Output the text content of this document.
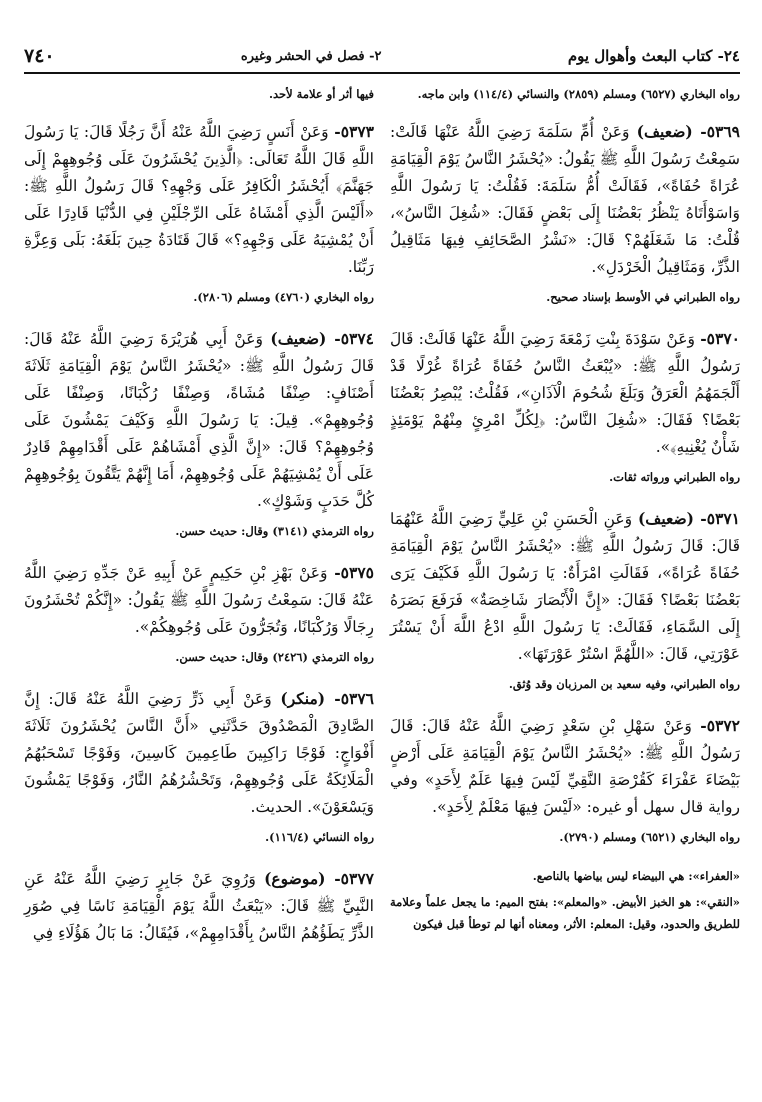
٢٤- كتاب البعث وأهوال يوم
٢- فصل في الحشر وغيره
٧٤٠

رواه البخاري (٦٥٢٧) ومسلم (٢٨٥٩) والنسائي (١١٤/٤) وابن ماجه.

٥٣٦٩- (ضعيف) وَعَنْ أُمِّ سَلَمَةَ رَضِيَ اللَّهُ عَنْهَا قَالَتْ: سَمِعْتُ رَسُولَ اللَّهِ ﷺ يَقُولُ: «يُحْشَرُ النَّاسُ يَوْمَ الْقِيَامَةِ عُرَاةً حُفَاةً»، فَقَالَتْ أُمُّ سَلَمَةَ: فَقُلْتُ: يَا رَسُولَ اللَّهِ وَاسَوْأَتَاهُ يَنْظُرُ بَعْضُنَا إِلَى بَعْضٍ فَقَالَ: «شُغِلَ النَّاسُ»، قُلْتُ: مَا شَغَلَهُمْ؟ قَالَ: «نَشْرُ الصَّحَائِفِ فِيهَا مَثَاقِيلُ الذَّرِّ، وَمَثَاقِيلُ الْخَرْدَلِ».

رواه الطبراني في الأوسط بإسناد صحيح.

٥٣٧٠- وَعَنْ سَوْدَةَ بِنْتِ زَمْعَةَ رَضِيَ اللَّهُ عَنْهَا قَالَتْ: قَالَ رَسُولُ اللَّهِ ﷺ: «يُبْعَثُ النَّاسُ حُفَاةً عُرَاةً غُرْلًا قَدْ أَلْجَمَهُمُ الْعَرَقُ وَبَلَغَ شُحُومَ الْآذَانِ»، فَقُلْتُ: يُبْصِرُ بَعْضُنَا بَعْضًا؟ فَقَالَ: «شُغِلَ النَّاسُ: ﴿لِكُلِّ امْرِئٍ مِنْهُمْ يَوْمَئِذٍ شَأْنٌ يُغْنِيهِ﴾».

رواه الطبراني ورواته ثقات.

٥٣٧١- (ضعيف) وَعَنِ الْحَسَنِ بْنِ عَلِيٍّ رَضِيَ اللَّهُ عَنْهُمَا قَالَ: قَالَ رَسُولُ اللَّهِ ﷺ: «يُحْشَرُ النَّاسُ يَوْمَ الْقِيَامَةِ حُفَاةً عُرَاةً»، فَقَالَتِ امْرَأَةٌ: يَا رَسُولَ اللَّهِ فَكَيْفَ يَرَى بَعْضُنَا بَعْضًا؟ فَقَالَ: «إِنَّ الْأَبْصَارَ شَاخِصَةٌ» فَرَفَعَ بَصَرَهُ إِلَى السَّمَاءِ، فَقَالَتْ: يَا رَسُولَ اللَّهِ ادْعُ اللَّهَ أَنْ يَسْتُرَ عَوْرَتِي، قَالَ: «اللَّهُمَّ اسْتُرْ عَوْرَتَهَا».

رواه الطبراني، وفيه سعيد بن المرزبان وقد وُثق.

٥٣٧٢- وَعَنْ سَهْلِ بْنِ سَعْدٍ رَضِيَ اللَّهُ عَنْهُ قَالَ: قَالَ رَسُولُ اللَّهِ ﷺ: «يُحْشَرُ النَّاسُ يَوْمَ الْقِيَامَةِ عَلَى أَرْضٍ بَيْضَاءَ عَفْرَاءَ كَقُرْصَةِ النَّقِيِّ لَيْسَ فِيهَا عَلَمٌ لِأَحَدٍ» وفي رواية قال سهل أو غيره: «لَيْسَ فِيهَا مَعْلَمٌ لِأَحَدٍ».

رواه البخاري (٦٥٢١) ومسلم (٢٧٩٠).

«العفراء»: هي البيضاء ليس بياضها بالناصع.

«النقي»: هو الخبز الأبيض. «والمعلم»: بفتح الميم: ما يجعل علماً وعلامة للطريق والحدود، وقيل: المعلم: الأثر، ومعناه أنها لم توطأ قبل فيكون

فيها أثر أو علامة لأحد.

٥٣٧٣- وَعَنْ أَنَسٍ رَضِيَ اللَّهُ عَنْهُ أَنَّ رَجُلًا قَالَ: يَا رَسُولَ اللَّهِ قَالَ اللَّهُ تَعَالَى: ﴿الَّذِينَ يُحْشَرُونَ عَلَى وُجُوهِهِمْ إِلَى جَهَنَّمَ﴾ أَيُحْشَرُ الْكَافِرُ عَلَى وَجْهِهِ؟ قَالَ رَسُولُ اللَّهِ ﷺ: «أَلَيْسَ الَّذِي أَمْشَاهُ عَلَى الرِّجْلَيْنِ فِي الدُّنْيَا قَادِرًا عَلَى أَنْ يُمْشِيَهُ عَلَى وَجْهِهِ؟» قَالَ قَتَادَةُ حِينَ بَلَغَهُ: بَلَى وَعِزَّةِ رَبِّنَا.

رواه البخاري (٤٧٦٠) ومسلم (٢٨٠٦).

٥٣٧٤- (ضعيف) وَعَنْ أَبِي هُرَيْرَةَ رَضِيَ اللَّهُ عَنْهُ قَالَ: قَالَ رَسُولُ اللَّهِ ﷺ: «يُحْشَرُ النَّاسُ يَوْمَ الْقِيَامَةِ ثَلَاثَةَ أَصْنَافٍ: صِنْفًا مُشَاةً، وَصِنْفًا رُكْبَانًا، وَصِنْفًا عَلَى وُجُوهِهِمْ». قِيلَ: يَا رَسُولَ اللَّهِ وَكَيْفَ يَمْشُونَ عَلَى وُجُوهِهِمْ؟ قَالَ: «إِنَّ الَّذِي أَمْشَاهُمْ عَلَى أَقْدَامِهِمْ قَادِرٌ عَلَى أَنْ يُمْشِيَهُمْ عَلَى وُجُوهِهِمْ، أَمَا إِنَّهُمْ يَتَّقُونَ بِوُجُوهِهِمْ كُلَّ حَدَبٍ وَشَوْكٍ».

رواه الترمذي (٣١٤١) وقال: حديث حسن.

٥٣٧٥- وَعَنْ بَهْزِ بْنِ حَكِيمٍ عَنْ أَبِيهِ عَنْ جَدِّهِ رَضِيَ اللَّهُ عَنْهُ قَالَ: سَمِعْتُ رَسُولَ اللَّهِ ﷺ يَقُولُ: «إِنَّكُمْ تُحْشَرُونَ رِجَالًا وَرُكْبَانًا، وَتُجَرُّونَ عَلَى وُجُوهِكُمْ».

رواه الترمذي (٢٤٢٦) وقال: حديث حسن.

٥٣٧٦- (منكر) وَعَنْ أَبِي ذَرٍّ رَضِيَ اللَّهُ عَنْهُ قَالَ: إِنَّ الصَّادِقَ الْمَصْدُوقَ حَدَّثَنِي «أَنَّ النَّاسَ يُحْشَرُونَ ثَلَاثَةَ أَفْوَاجٍ: فَوْجًا رَاكِبِينَ طَاعِمِينَ كَاسِينَ، وَفَوْجًا تَسْحَبُهُمُ الْمَلَائِكَةُ عَلَى وُجُوهِهِمْ، وَتَحْشُرُهُمُ النَّارُ، وَفَوْجًا يَمْشُونَ وَيَسْعَوْنَ». الحديث.

رواه النسائي (١١٦/٤).

٥٣٧٧- (موضوع) وَرُوِيَ عَنْ جَابِرٍ رَضِيَ اللَّهُ عَنْهُ عَنِ النَّبِيِّ ﷺ قَالَ: «يَبْعَثُ اللَّهُ يَوْمَ الْقِيَامَةِ نَاسًا فِي صُوَرِ الذَّرِّ يَطَؤُهُمُ النَّاسُ بِأَقْدَامِهِمْ»، فَيُقَالُ: مَا بَالُ هَؤُلَاءِ فِي
